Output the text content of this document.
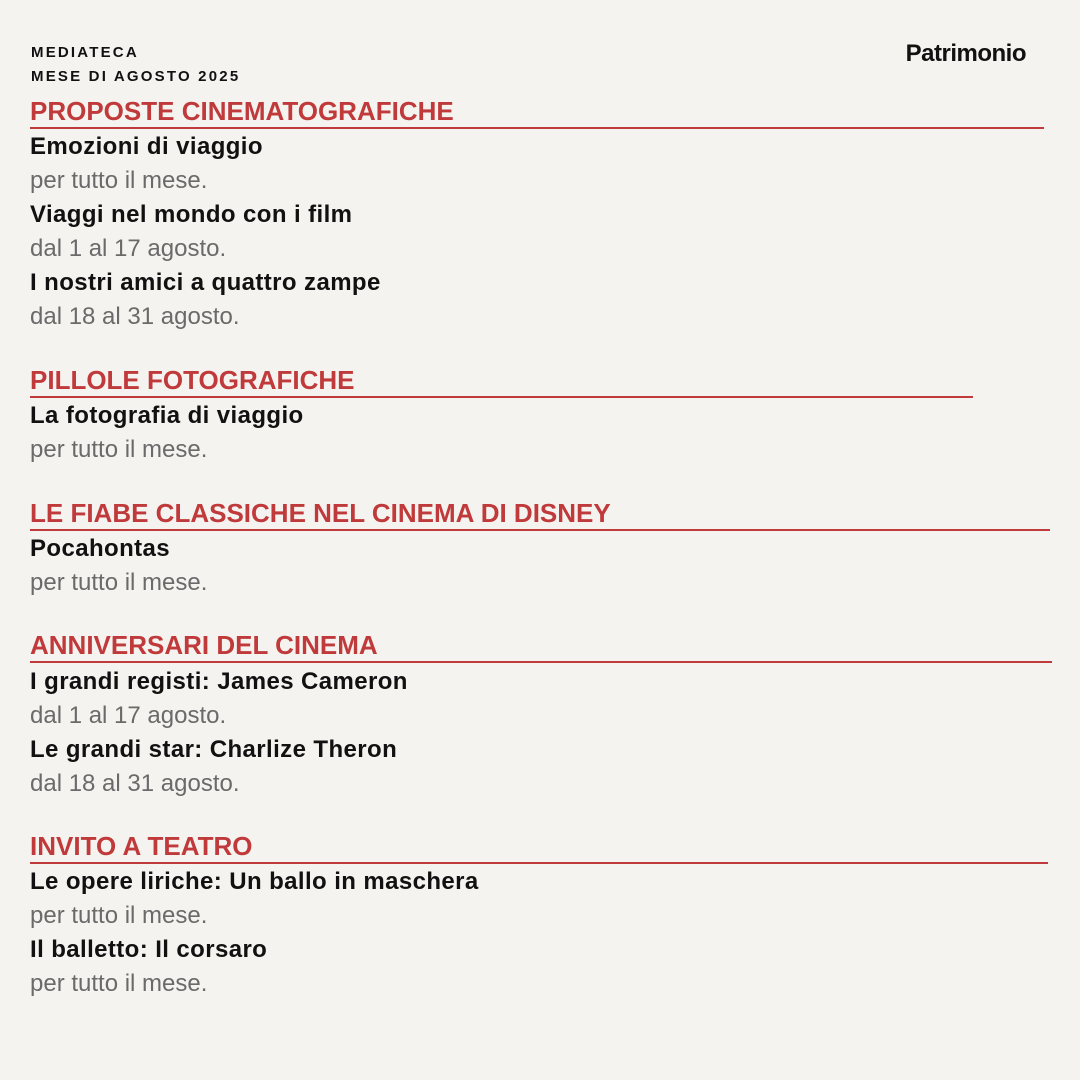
MEDIATECA
MESE DI AGOSTO 2025
Patrimonio
PROPOSTE CINEMATOGRAFICHE
Emozioni di viaggio
per tutto il mese.
Viaggi nel mondo con i film
dal 1 al 17 agosto.
I nostri amici a quattro zampe
dal 18 al 31 agosto.
PILLOLE FOTOGRAFICHE
La fotografia di viaggio
per tutto il mese.
LE FIABE CLASSICHE NEL CINEMA DI DISNEY
Pocahontas
per tutto il mese.
ANNIVERSARI DEL CINEMA
I grandi registi: James Cameron
dal 1 al 17 agosto.
Le grandi star: Charlize Theron
dal 18 al 31 agosto.
INVITO A TEATRO
Le opere liriche: Un ballo in maschera
per tutto il mese.
Il balletto: Il corsaro
per tutto il mese.
